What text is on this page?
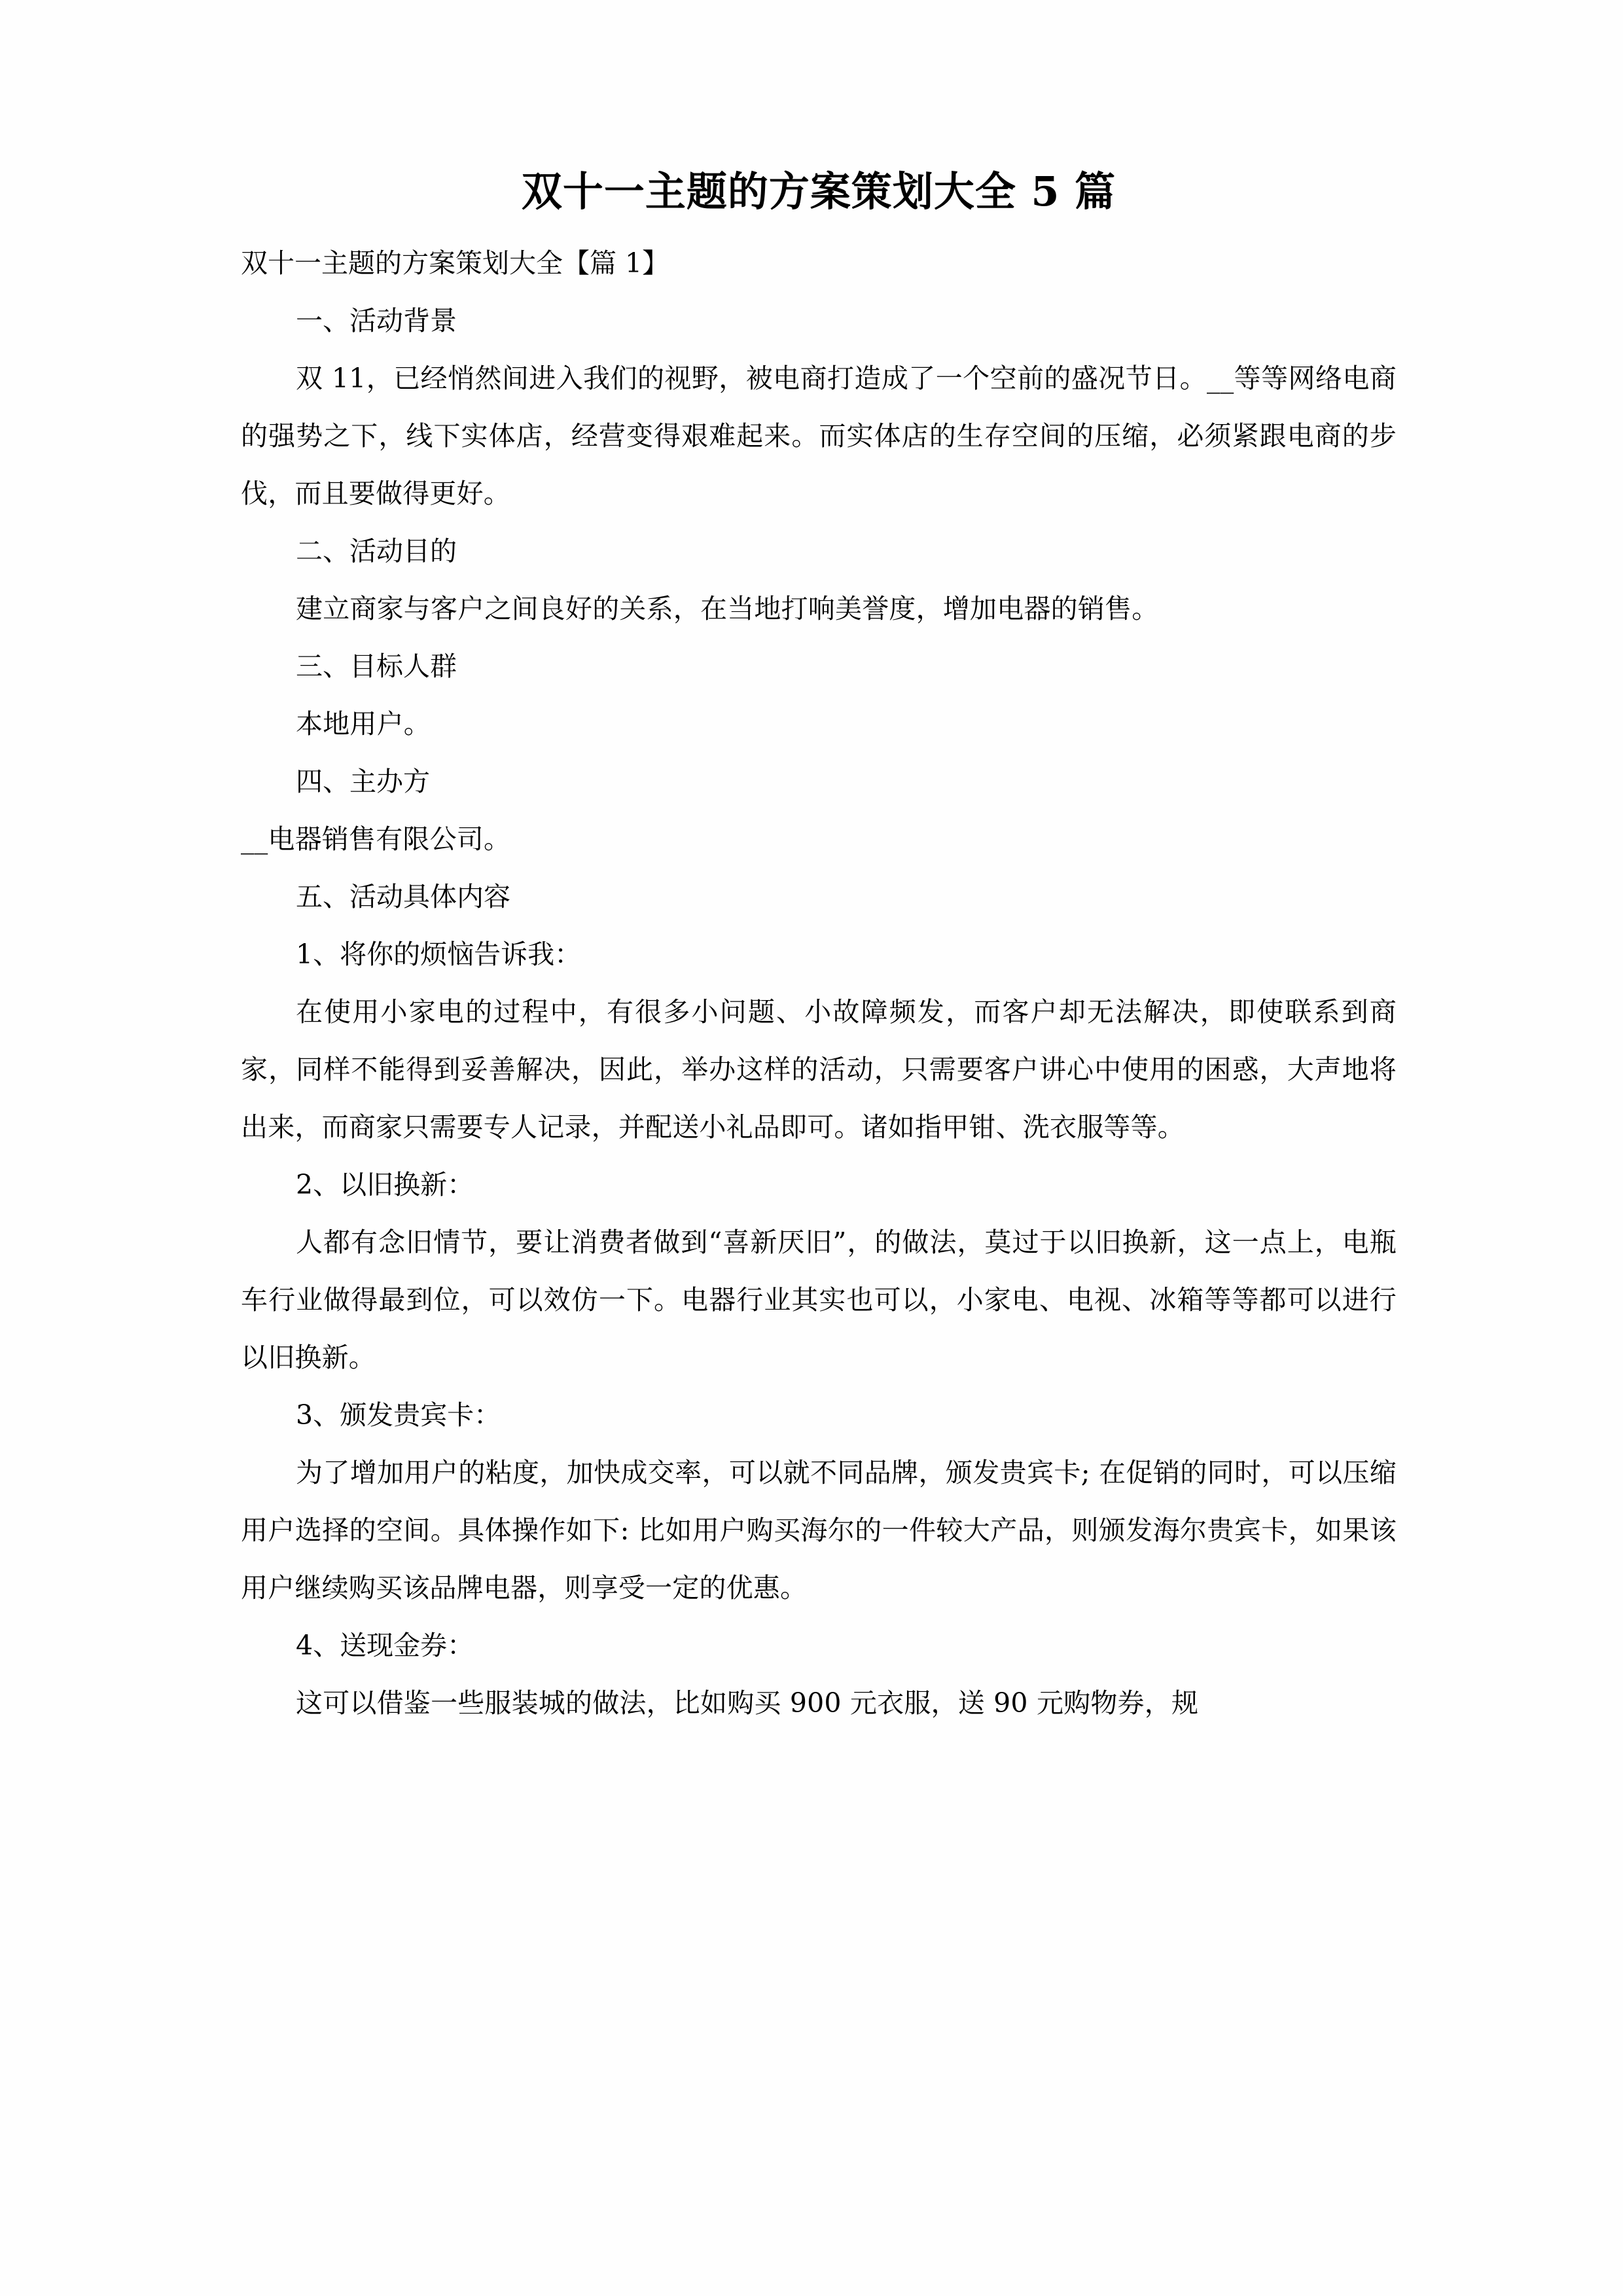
双十一主题的方案策划大全 5 篇

双十一主题的方案策划大全【篇 1】

一、活动背景

双 11，已经悄然间进入我们的视野，被电商打造成了一个空前的盛况节日。__等等网络电商的强势之下，线下实体店，经营变得艰难起来。而实体店的生存空间的压缩，必须紧跟电商的步伐，而且要做得更好。

二、活动目的

建立商家与客户之间良好的关系，在当地打响美誉度，增加电器的销售。

三、目标人群

本地用户。

四、主办方

__电器销售有限公司。

五、活动具体内容

1、将你的烦恼告诉我：

在使用小家电的过程中，有很多小问题、小故障频发，而客户却无法解决，即使联系到商家，同样不能得到妥善解决，因此，举办这样的活动，只需要客户讲心中使用的困惑，大声地将出来，而商家只需要专人记录，并配送小礼品即可。诸如指甲钳、洗衣服等等。

2、以旧换新：

人都有念旧情节，要让消费者做到“喜新厌旧”，的做法，莫过于以旧换新，这一点上，电瓶车行业做得最到位，可以效仿一下。电器行业其实也可以，小家电、电视、冰箱等等都可以进行以旧换新。

3、颁发贵宾卡：

为了增加用户的粘度，加快成交率，可以就不同品牌，颁发贵宾卡; 在促销的同时，可以压缩用户选择的空间。具体操作如下: 比如用户购买海尔的一件较大产品，则颁发海尔贵宾卡，如果该用户继续购买该品牌电器，则享受一定的优惠。

4、送现金券：

这可以借鉴一些服装城的做法，比如购买 900 元衣服，送 90 元购物券，规
